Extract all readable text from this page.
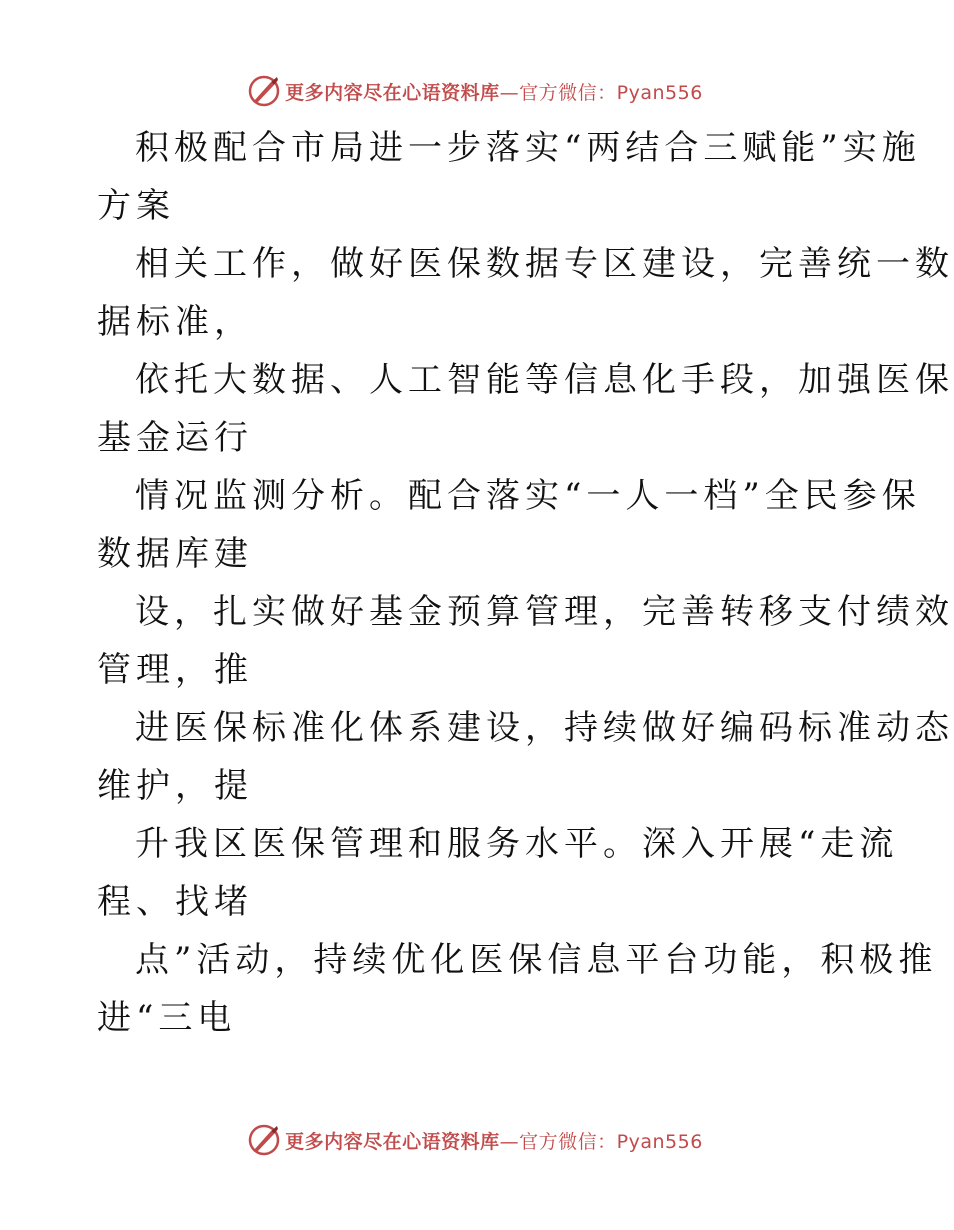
更多内容尽在心语资料库—官方微信：Pyan556
积极配合市局进一步落实“两结合三赋能”实施
方案
相关工作，做好医保数据专区建设，完善统一数
据标准，
依托大数据、人工智能等信息化手段，加强医保
基金运行
情况监测分析。配合落实“一人一档”全民参保
数据库建
设，扎实做好基金预算管理，完善转移支付绩效
管理，推
进医保标准化体系建设，持续做好编码标准动态
维护，提
升我区医保管理和服务水平。深入开展“走流
程、找堵
点”活动，持续优化医保信息平台功能，积极推
进“三电
更多内容尽在心语资料库—官方微信：Pyan556
